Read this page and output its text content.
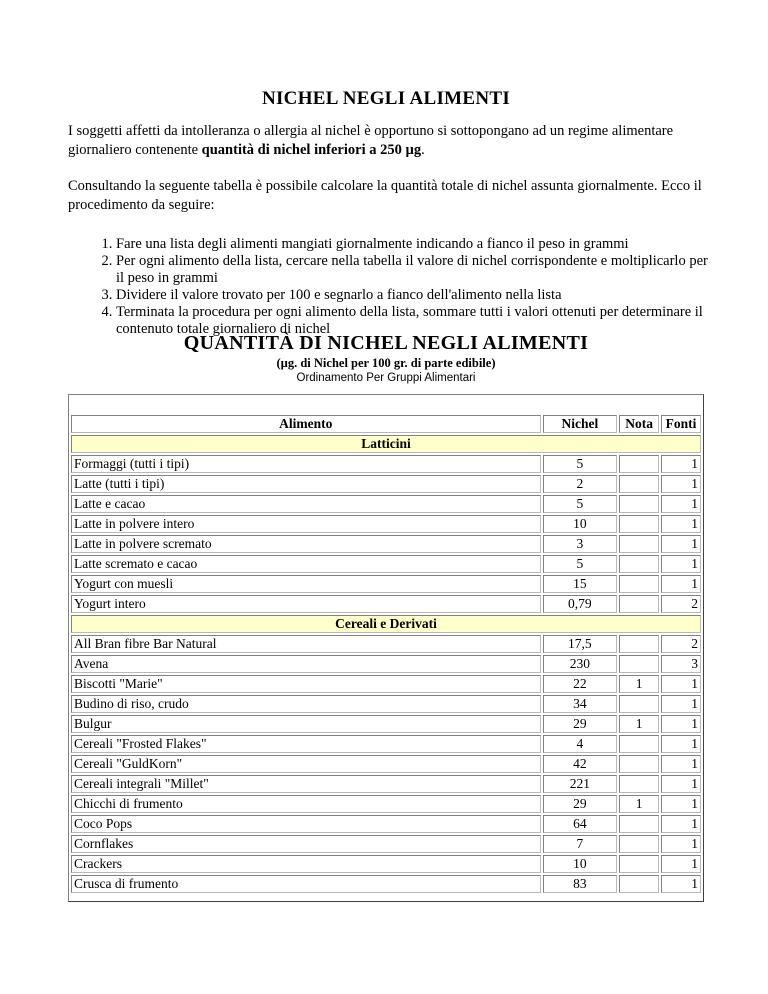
NICHEL NEGLI ALIMENTI

I soggetti affetti da intolleranza o allergia al nichel è opportuno si sottopongano ad un regime alimentare giornaliero contenente quantità di nichel inferiori a 250 µg.

Consultando la seguente tabella è possibile calcolare la quantità totale di nichel assunta giornalmente. Ecco il procedimento da seguire:

1. Fare una lista degli alimenti mangiati giornalmente indicando a fianco il peso in grammi
2. Per ogni alimento della lista, cercare nella tabella il valore di nichel corrispondente e moltiplicarlo per il peso in grammi
3. Dividere il valore trovato per 100 e segnarlo a fianco dell'alimento nella lista
4. Terminata la procedura per ogni alimento della lista, sommare tutti i valori ottenuti per determinare il contenuto totale giornaliero di nichel
QUANTITÀ DI NICHEL NEGLI ALIMENTI
(µg. di Nichel per 100 gr. di parte edibile)
Ordinamento Per Gruppi Alimentari
Alimento	Nichel	Nota	Fonti
Latticini			
Formaggi (tutti i tipi)	5		1
Latte (tutti i tipi)	2		1
Latte e cacao	5		1
Latte in polvere intero	10		1
Latte in polvere scremato	3		1
Latte scremato e cacao	5		1
Yogurt con muesli	15		1
Yogurt intero	0,79		2
Cereali e Derivati			
All Bran fibre Bar Natural	17,5		2
Avena	230		3
Biscotti "Marie"	22	1	1
Budino di riso, crudo	34		1
Bulgur	29	1	1
Cereali "Frosted Flakes"	4		1
Cereali "GuldKorn"	42		1
Cereali integrali "Millet"	221		1
Chicchi di frumento	29	1	1
Coco Pops	64		1
Cornflakes	7		1
Crackers	10		1
Crusca di frumento	83		1
